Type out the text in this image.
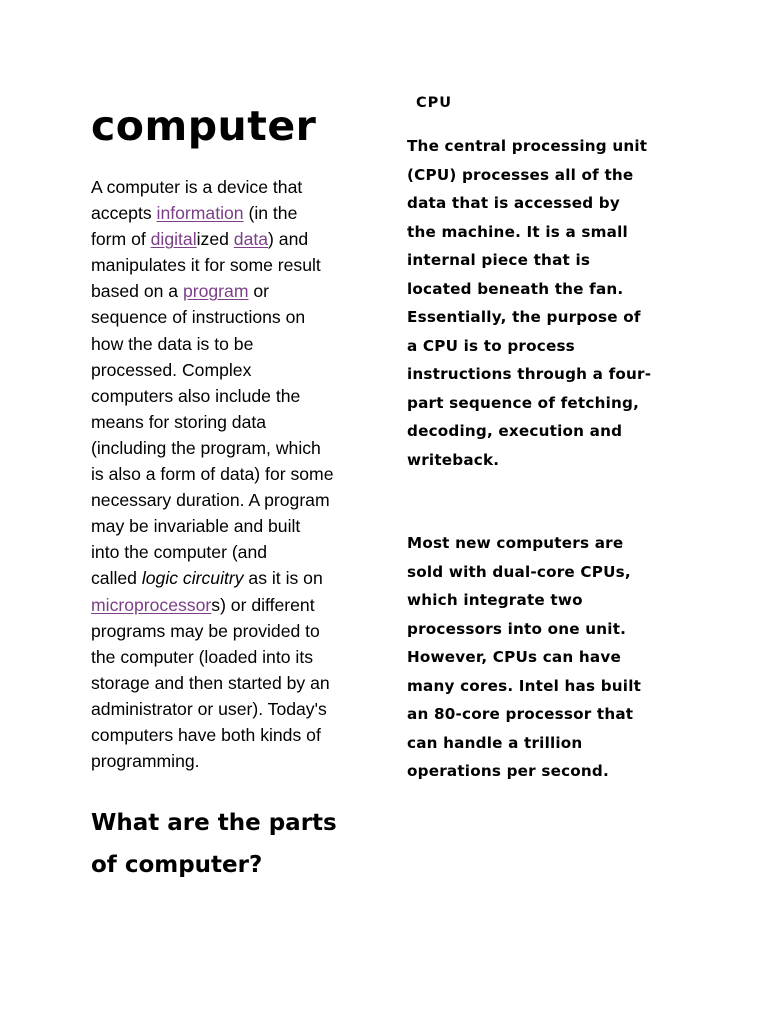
computer

A computer is a device that
accepts information (in the
form of digitalized data) and
manipulates it for some result
based on a program or
sequence of instructions on
how the data is to be
processed. Complex
computers also include the
means for storing data
(including the program, which
is also a form of data) for some
necessary duration. A program
may be invariable and built
into the computer (and
called logic circuitry as it is on
microprocessors) or different
programs may be provided to
the computer (loaded into its
storage and then started by an
administrator or user). Today's
computers have both kinds of
programming.

What are the parts
of computer?
CPU

The central processing unit
(CPU) processes all of the
data that is accessed by
the machine. It is a small
internal piece that is
located beneath the fan.
Essentially, the purpose of
a CPU is to process
instructions through a four-
part sequence of fetching,
decoding, execution and
writeback.

Most new computers are
sold with dual-core CPUs,
which integrate two
processors into one unit.
However, CPUs can have
many cores. Intel has built
an 80-core processor that
can handle a trillion
operations per second.
